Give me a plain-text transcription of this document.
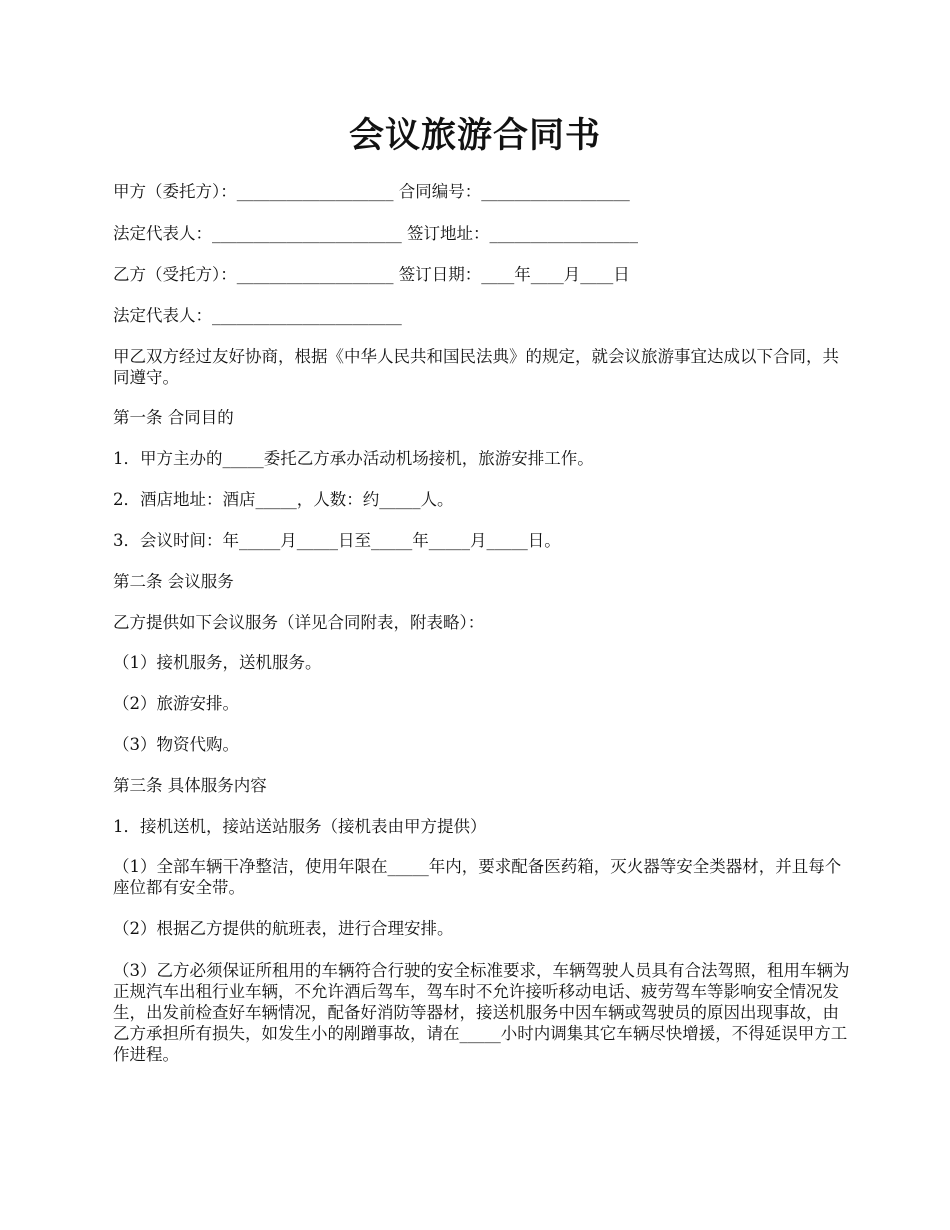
会议旅游合同书
甲方（委托方）：___________________ 合同编号：__________________
法定代表人：_______________________ 签订地址：__________________
乙方（受托方）：___________________ 签订日期：____年____月____日
法定代表人：_______________________
甲乙双方经过友好协商，根据《中华人民共和国民法典》的规定，就会议旅游事宜达成以下合同，共同遵守。
第一条 合同目的
1．甲方主办的_____委托乙方承办活动机场接机，旅游安排工作。
2．酒店地址：酒店_____，人数：约_____人。
3．会议时间：年_____月_____日至_____年_____月_____日。
第二条 会议服务
乙方提供如下会议服务（详见合同附表，附表略）：
（1）接机服务，送机服务。
（2）旅游安排。
（3）物资代购。
第三条 具体服务内容
1．接机送机，接站送站服务（接机表由甲方提供）
（1）全部车辆干净整洁，使用年限在_____年内，要求配备医药箱，灭火器等安全类器材，并且每个座位都有安全带。
（2）根据乙方提供的航班表，进行合理安排。
（3）乙方必须保证所租用的车辆符合行驶的安全标准要求，车辆驾驶人员具有合法驾照，租用车辆为正规汽车出租行业车辆，不允许酒后驾车，驾车时不允许接听移动电话、疲劳驾车等影响安全情况发生，出发前检查好车辆情况，配备好消防等器材，接送机服务中因车辆或驾驶员的原因出现事故，由乙方承担所有损失，如发生小的剐蹭事故，请在_____小时内调集其它车辆尽快增援，不得延误甲方工作进程。
